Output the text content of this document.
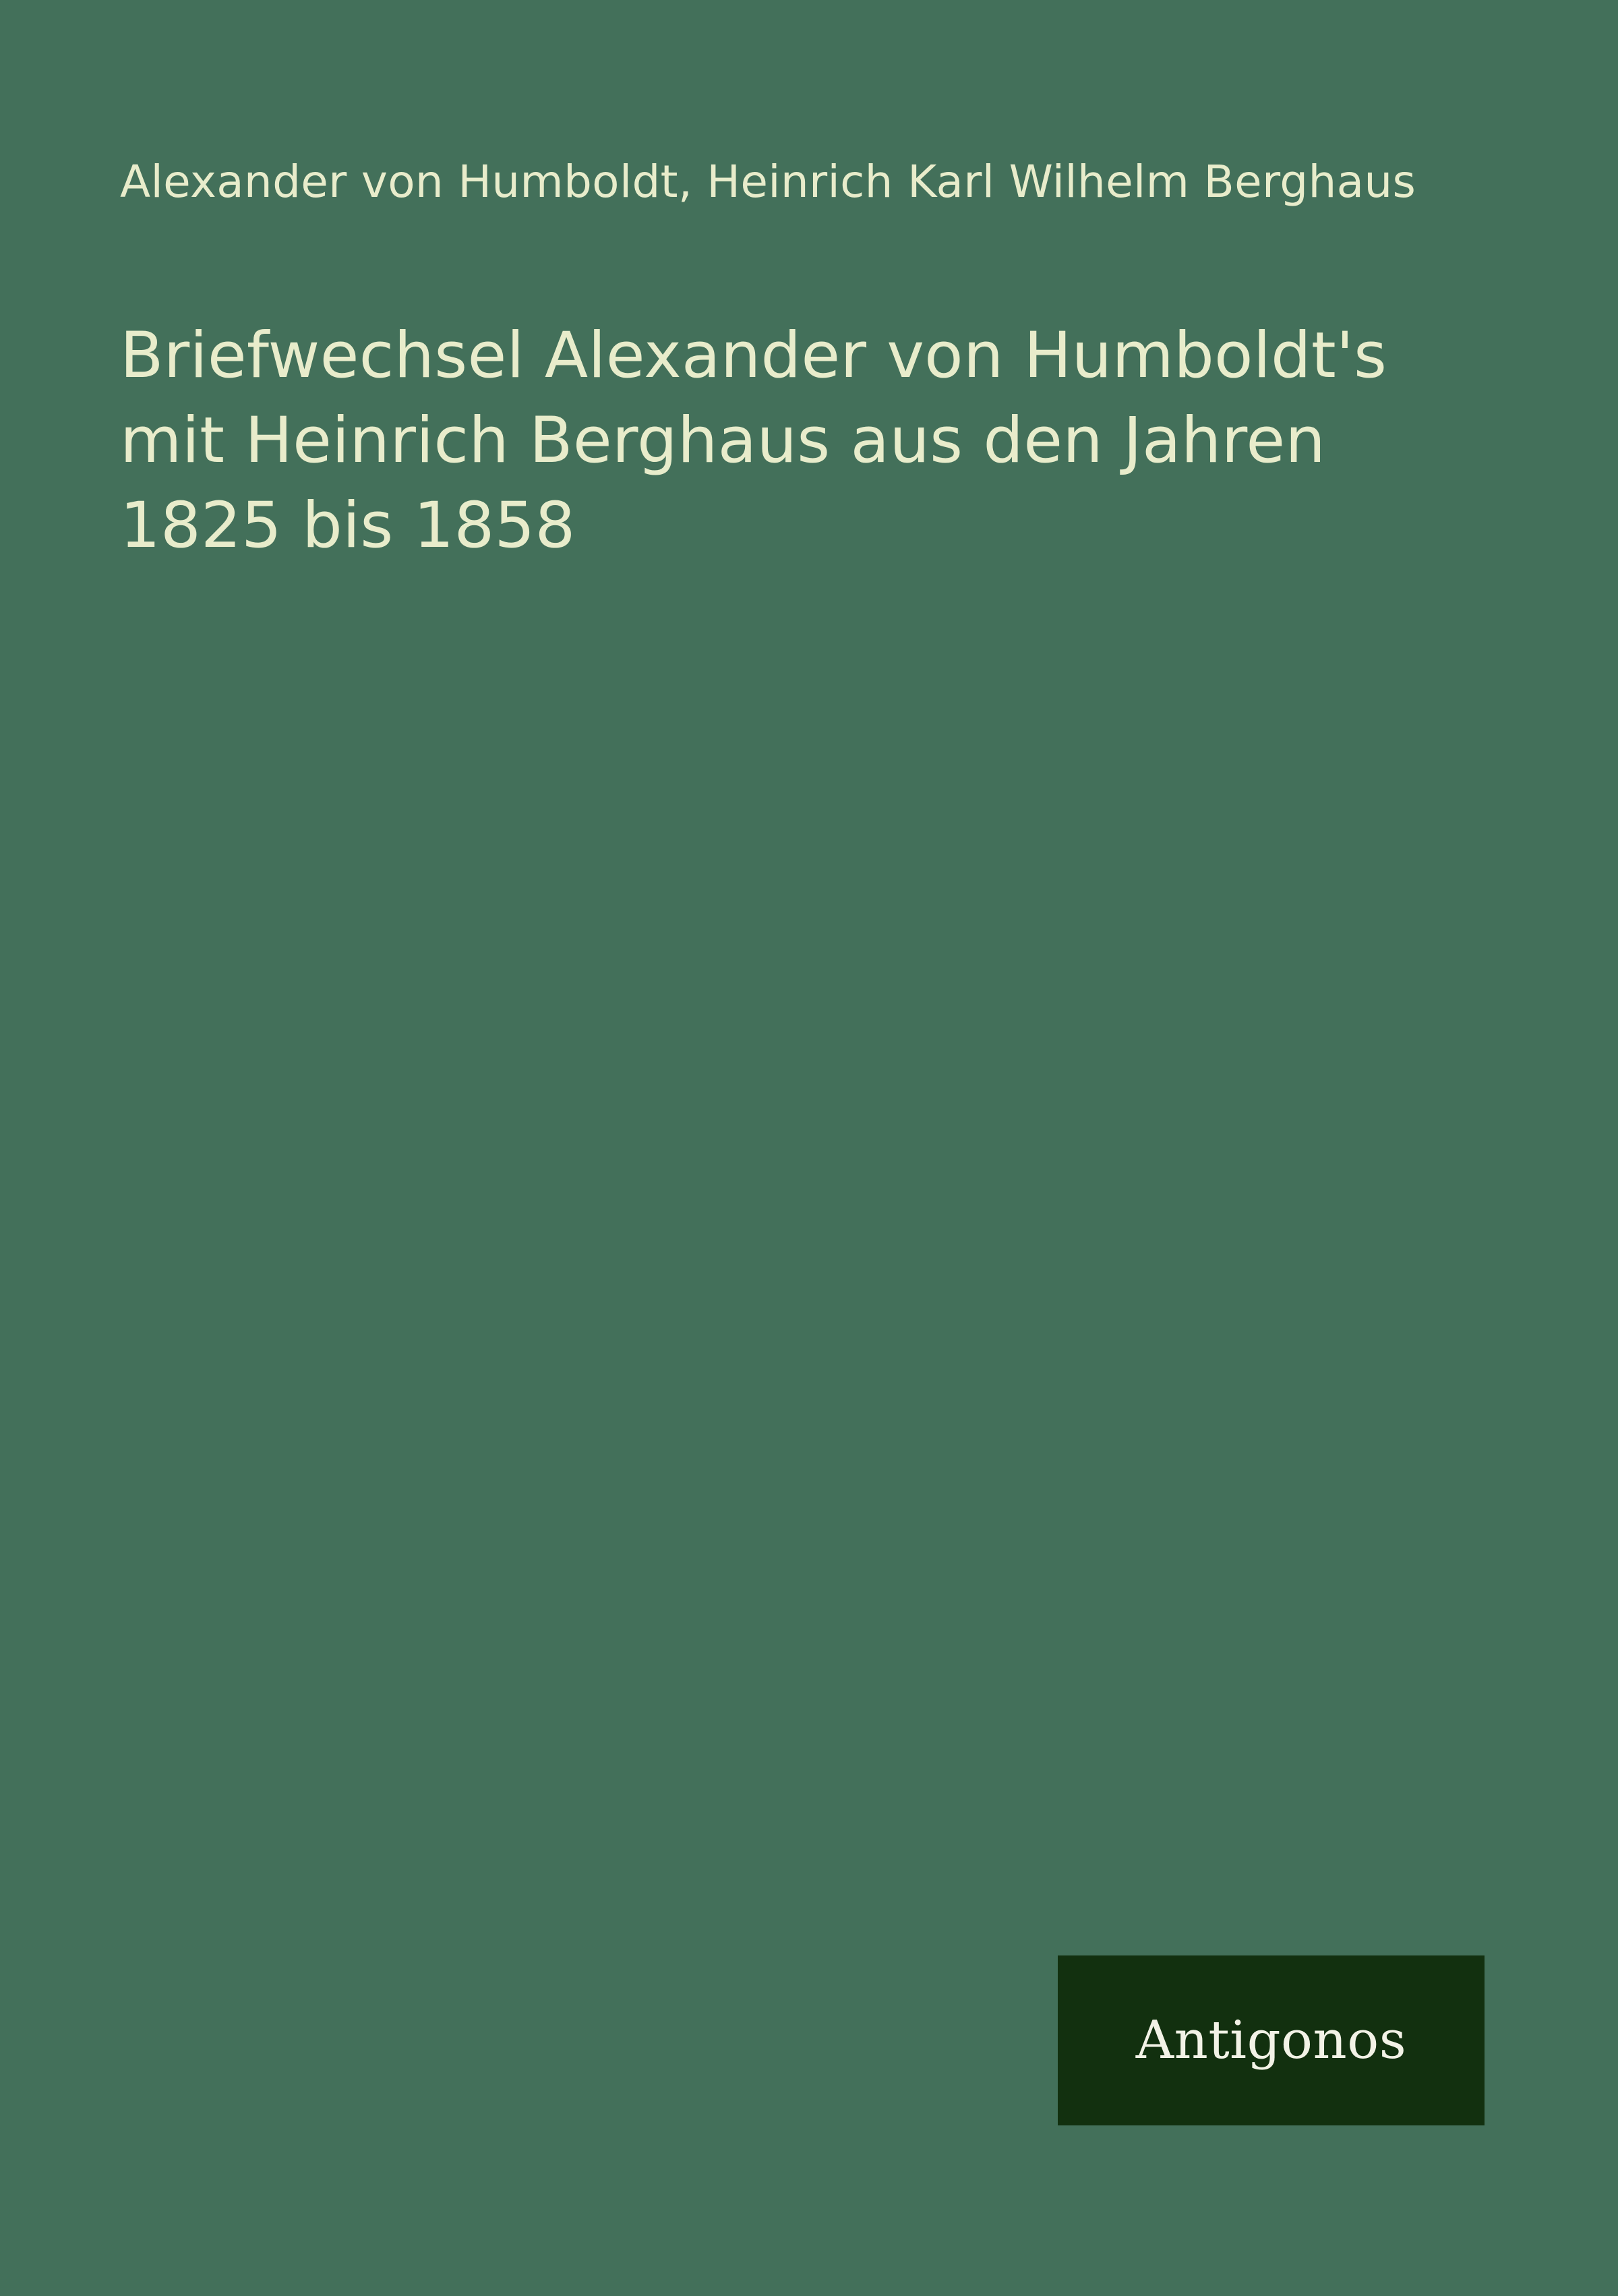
Alexander von Humboldt, Heinrich Karl Wilhelm Berghaus
Briefwechsel Alexander von Humboldt's mit Heinrich Berghaus aus den Jahren 1825 bis 1858
Antigonos
